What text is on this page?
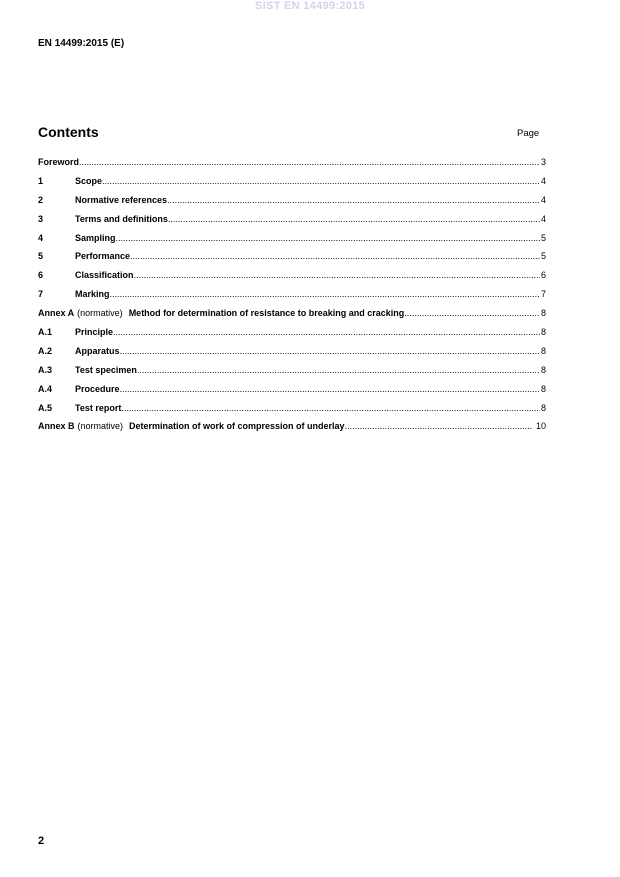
SIST EN 14499:2015
EN 14499:2015 (E)
Contents	Page
Foreword .....	3
1	Scope .....	4
2	Normative references .....	4
3	Terms and definitions .....	4
4	Sampling .....	5
5	Performance .....	5
6	Classification .....	6
7	Marking .....	7
Annex A (normative) Method for determination of resistance to breaking and cracking .....	8
A.1	Principle .....	8
A.2	Apparatus .....	8
A.3	Test specimen .....	8
A.4	Procedure .....	8
A.5	Test report .....	8
Annex B (normative) Determination of work of compression of underlay .....	10
2
